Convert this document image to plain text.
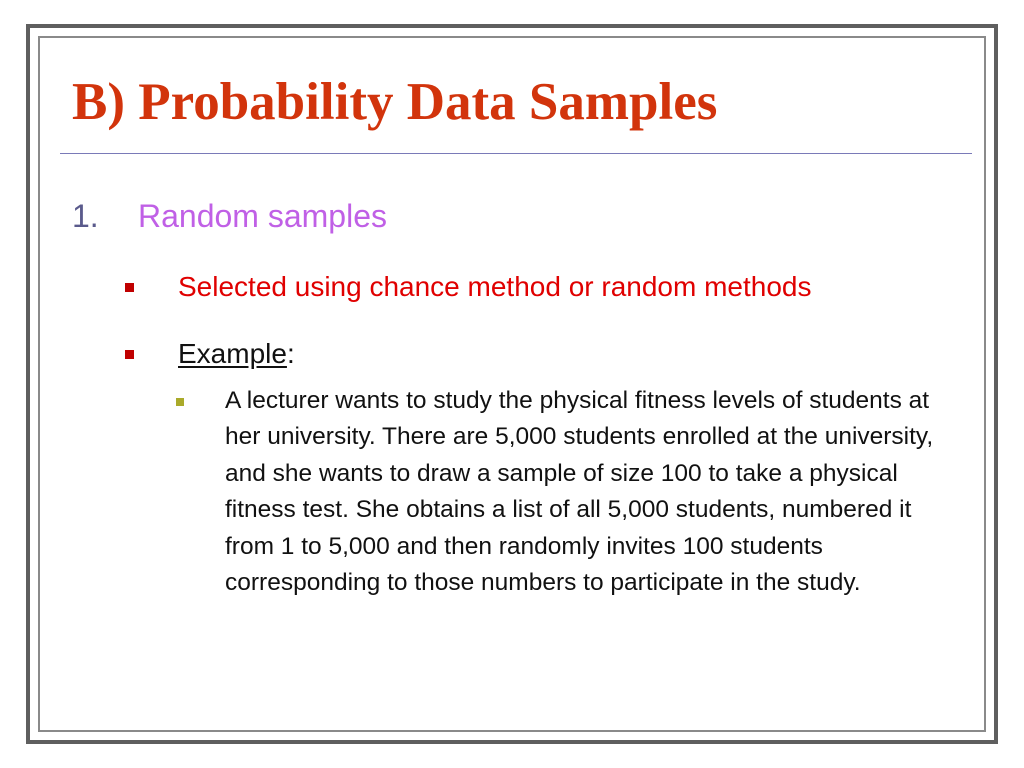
B) Probability Data Samples
1. Random samples
Selected using chance method or random methods
Example:

A lecturer wants to study the physical fitness levels of students at her university. There are 5,000 students enrolled at the university, and she wants to draw a sample of size 100 to take a physical fitness test. She obtains a list of all 5,000 students, numbered it from 1 to 5,000 and then randomly invites 100 students corresponding to those numbers to participate in the study.
